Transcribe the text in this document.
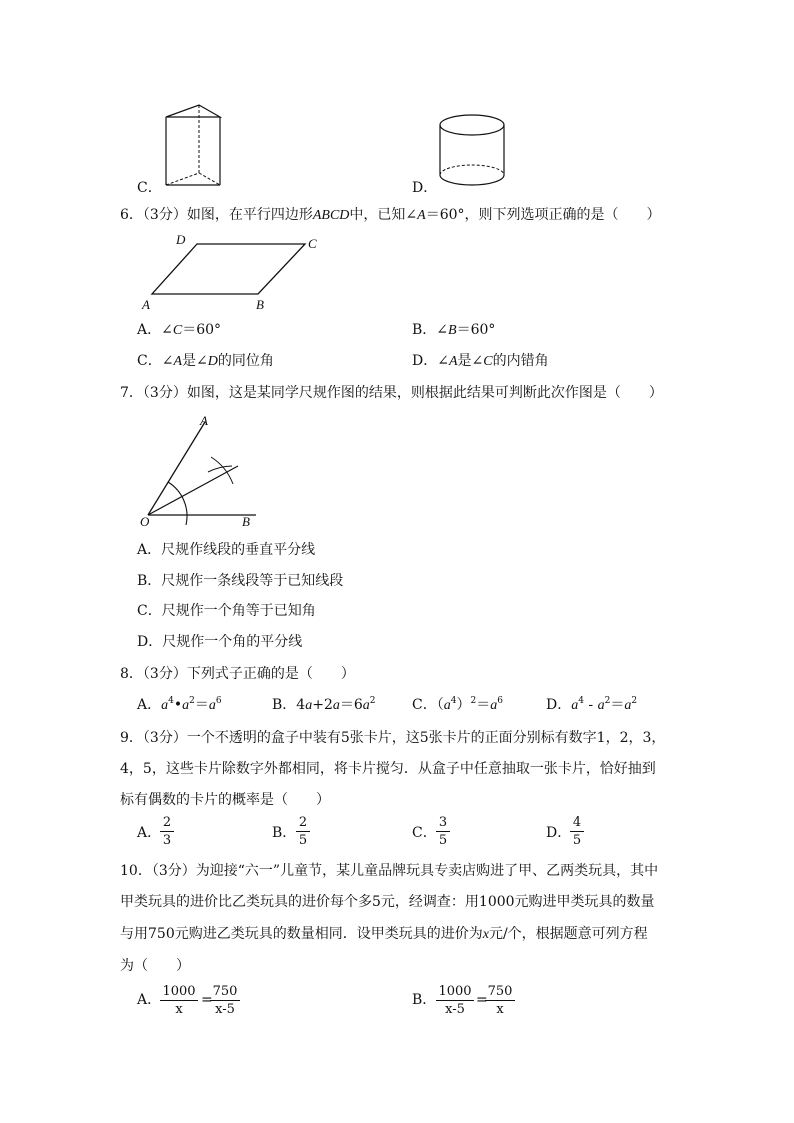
C．	D．
6．（3分）如图，在平行四边形ABCD中，已知∠A＝60°，则下列选项正确的是（　　）
D	C
A	B
A．∠C＝60°	B．∠B＝60°
C．∠A是∠D的同位角	D．∠A是∠C的内错角
7．（3分）如图，这是某同学尺规作图的结果，则根据此结果可判断此次作图是（　　）
A
O	B
A．尺规作线段的垂直平分线
B．尺规作一条线段等于已知线段
C．尺规作一个角等于已知角
D．尺规作一个角的平分线
8．（3分）下列式子正确的是（　　）
A．$a^4•a^2=a^6$	B．$4a+2a=6a^2$	C．$(a^4)^2=a^6$	D．$a^4 - a^2=a^2$
9．（3分）一个不透明的盒子中装有5张卡片，这5张卡片的正面分别标有数字1，2，3，
4，5，这些卡片除数字外都相同，将卡片搅匀．从盒子中任意抽取一张卡片，恰好抽到
标有偶数的卡片的概率是（　　）
A．
2
3	B．
2
5	C．
3
5	D．
4
5
10．（3分）为迎接“六一”儿童节，某儿童品牌玩具专卖店购进了甲、乙两类玩具，其中
甲类玩具的进价比乙类玩具的进价每个多5元，经调查：用1000元购进甲类玩具的数量
与用750元购进乙类玩具的数量相同．设甲类玩具的进价为x元/个，根据题意可列方程
为（　　）
A．
1000
x
=
750
x-5
B．
1000
x-5
=
750
x
